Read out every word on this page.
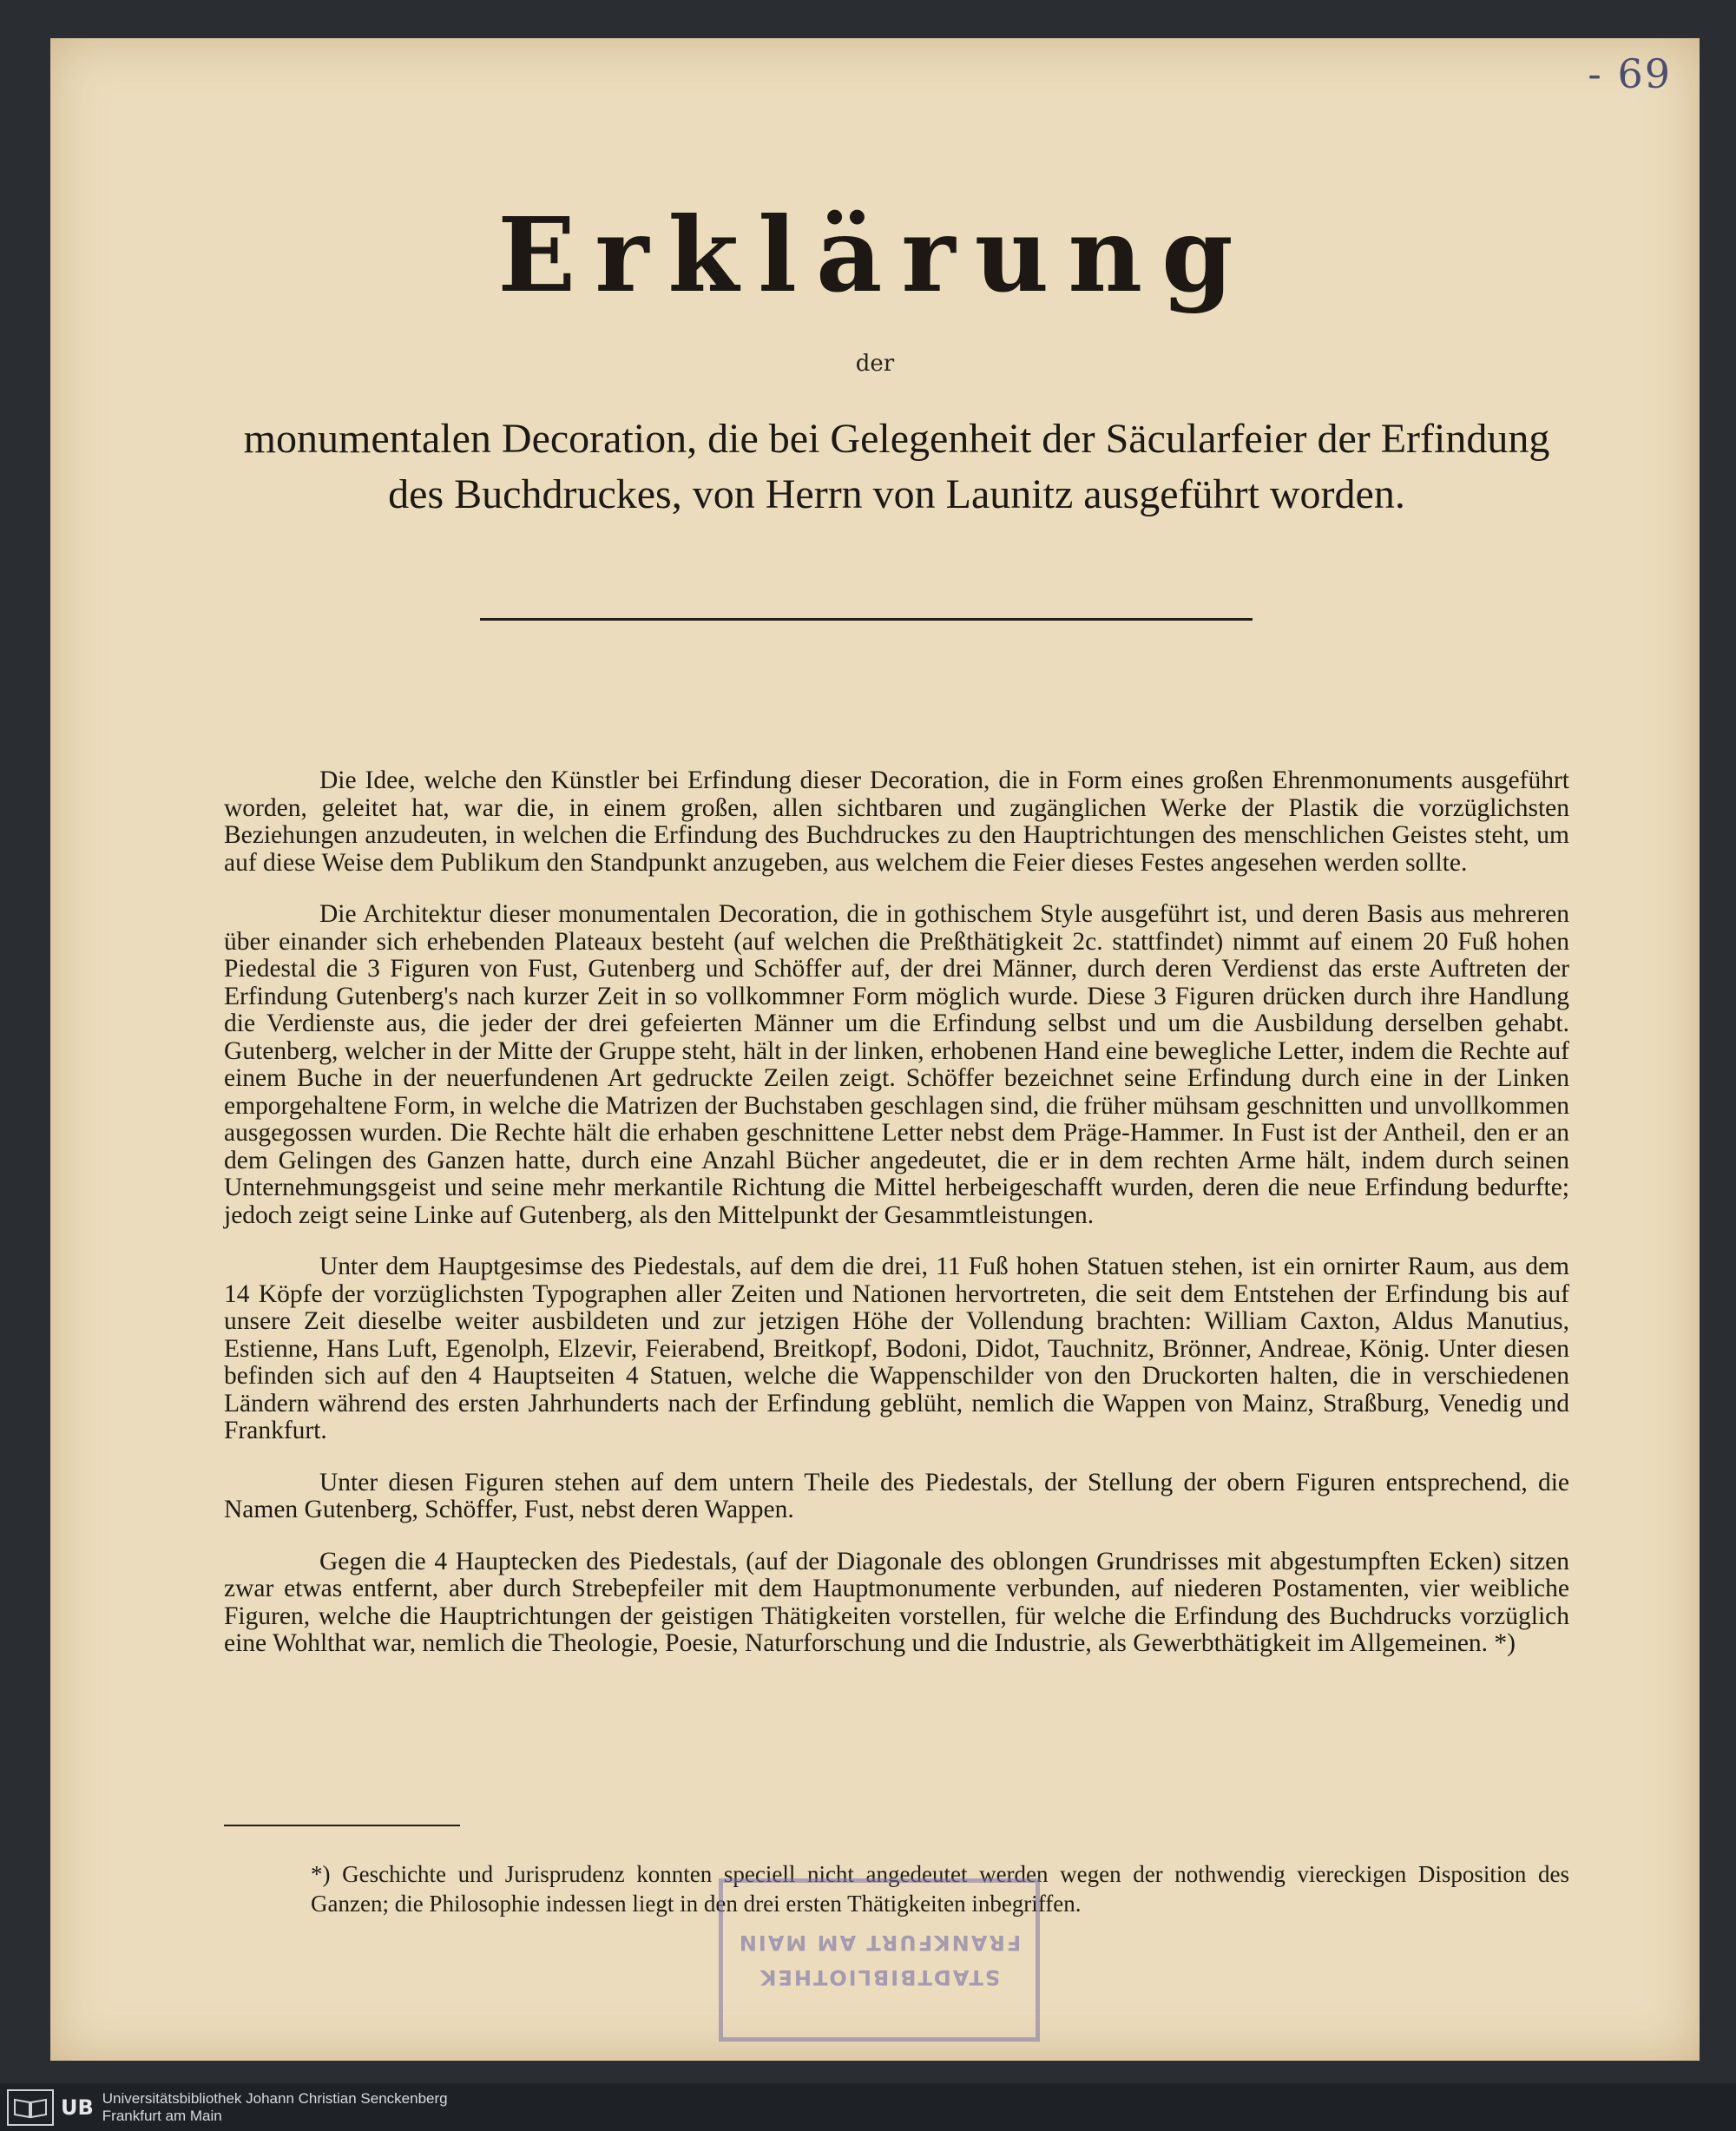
- 69
Erklärung
der
monumentalen Decoration, die bei Gelegenheit der Säcularfeier der Erfindung des Buchdruckes, von Herrn von Launitz ausgeführt worden.

Die Idee, welche den Künstler bei Erfindung dieser Decoration, die in Form eines großen Ehrenmonuments ausgeführt worden, geleitet hat, war die, in einem großen, allen sichtbaren und zugänglichen Werke der Plastik die vorzüglichsten Beziehungen anzudeuten, in welchen die Erfindung des Buchdruckes zu den Hauptrichtungen des menschlichen Geistes steht, um auf diese Weise dem Publikum den Standpunkt anzugeben, aus welchem die Feier dieses Festes angesehen werden sollte.

Die Architektur dieser monumentalen Decoration, die in gothischem Style ausgeführt ist, und deren Basis aus mehreren über einander sich erhebenden Plateaux besteht (auf welchen die Preßthätigkeit 2c. stattfindet) nimmt auf einem 20 Fuß hohen Piedestal die 3 Figuren von Fust, Gutenberg und Schöffer auf, der drei Männer, durch deren Verdienst das erste Auftreten der Erfindung Gutenberg's nach kurzer Zeit in so vollkommner Form möglich wurde. Diese 3 Figuren drücken durch ihre Handlung die Verdienste aus, die jeder der drei gefeierten Männer um die Erfindung selbst und um die Ausbildung derselben gehabt. Gutenberg, welcher in der Mitte der Gruppe steht, hält in der linken, erhobenen Hand eine bewegliche Letter, indem die Rechte auf einem Buche in der neuerfundenen Art gedruckte Zeilen zeigt. Schöffer bezeichnet seine Erfindung durch eine in der Linken emporgehaltene Form, in welche die Matrizen der Buchstaben geschlagen sind, die früher mühsam geschnitten und unvollkommen ausgegossen wurden. Die Rechte hält die erhaben geschnittene Letter nebst dem Präge-Hammer. In Fust ist der Antheil, den er an dem Gelingen des Ganzen hatte, durch eine Anzahl Bücher angedeutet, die er in dem rechten Arme hält, indem durch seinen Unternehmungsgeist und seine mehr merkantile Richtung die Mittel herbeigeschafft wurden, deren die neue Erfindung bedurfte; jedoch zeigt seine Linke auf Gutenberg, als den Mittelpunkt der Gesammtleistungen.

Unter dem Hauptgesimse des Piedestals, auf dem die drei, 11 Fuß hohen Statuen stehen, ist ein ornirter Raum, aus dem 14 Köpfe der vorzüglichsten Typographen aller Zeiten und Nationen hervortreten, die seit dem Entstehen der Erfindung bis auf unsere Zeit dieselbe weiter ausbildeten und zur jetzigen Höhe der Vollendung brachten: William Caxton, Aldus Manutius, Estienne, Hans Luft, Egenolph, Elzevir, Feierabend, Breitkopf, Bodoni, Didot, Tauchnitz, Brönner, Andreae, König. Unter diesen befinden sich auf den 4 Hauptseiten 4 Statuen, welche die Wappenschilder von den Druckorten halten, die in verschiedenen Ländern während des ersten Jahrhunderts nach der Erfindung geblüht, nemlich die Wappen von Mainz, Straßburg, Venedig und Frankfurt.

Unter diesen Figuren stehen auf dem untern Theile des Piedestals, der Stellung der obern Figuren entsprechend, die Namen Gutenberg, Schöffer, Fust, nebst deren Wappen.

Gegen die 4 Hauptecken des Piedestals, (auf der Diagonale des oblongen Grundrisses mit abgestumpften Ecken) sitzen zwar etwas entfernt, aber durch Strebepfeiler mit dem Hauptmonumente verbunden, auf niederen Postamenten, vier weibliche Figuren, welche die Hauptrichtungen der geistigen Thätigkeiten vorstellen, für welche die Erfindung des Buchdrucks vorzüglich eine Wohlthat war, nemlich die Theologie, Poesie, Naturforschung und die Industrie, als Gewerbthätigkeit im Allgemeinen. *)

*) Geschichte und Jurisprudenz konnten speciell nicht angedeutet werden wegen der nothwendig viereckigen Disposition des Ganzen; die Philosophie indessen liegt in den drei ersten Thätigkeiten inbegriffen.
STADTBIBLIOTHEK
FRANKFURT AM MAIN
UB Universitätsbibliothek Johann Christian Senckenberg
Frankfurt am Main
